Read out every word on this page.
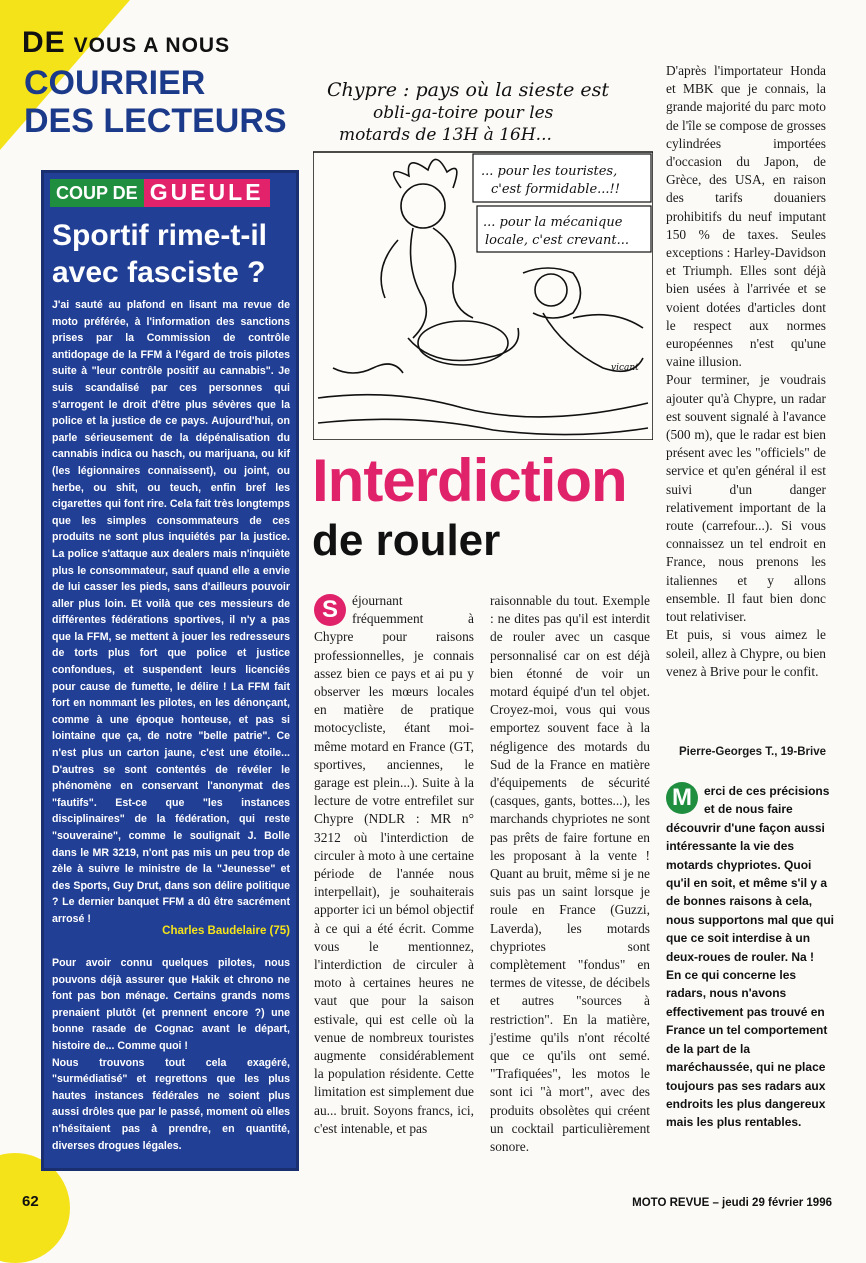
DE VOUS A NOUS
COURRIER
DES LECTEURS
COUP DE GUEULE
Sportif rime-t-il avec fasciste ?

J'ai sauté au plafond en lisant ma revue de moto préférée, à l'information des sanctions prises par la Commission de contrôle antidopage de la FFM à l'égard de trois pilotes suite à "leur contrôle positif au cannabis". Je suis scandalisé par ces personnes qui s'arrogent le droit d'être plus sévères que la police et la justice de ce pays. Aujourd'hui, on parle sérieusement de la dépénalisation du cannabis indica ou hasch, ou marijuana, ou kif (les légionnaires connaissent), ou joint, ou herbe, ou shit, ou teuch, enfin bref les cigarettes qui font rire. Cela fait très longtemps que les simples consommateurs de ces produits ne sont plus inquiétés par la justice. La police s'attaque aux dealers mais n'inquiète plus le consommateur, sauf quand elle a envie de lui casser les pieds, sans d'ailleurs pouvoir aller plus loin. Et voilà que ces messieurs de différentes fédérations sportives, il n'y a pas que la FFM, se mettent à jouer les redresseurs de torts plus fort que police et justice confondues, et suspendent leurs licenciés pour cause de fumette, le délire ! La FFM fait fort en nommant les pilotes, en les dénonçant, comme à une époque honteuse, et pas si lointaine que ça, de notre "belle patrie". Ce n'est plus un carton jaune, c'est une étoile... D'autres se sont contentés de révéler le phénomène en conservant l'anonymat des "fautifs". Est-ce que "les instances disciplinaires" de la fédération, qui reste "souveraine", comme le soulignait J. Bolle dans le MR 3219, n'ont pas mis un peu trop de zèle à suivre le ministre de la "Jeunesse" et des Sports, Guy Drut, dans son délire politique ? Le dernier banquet FFM a dû être sacrément arrosé !

Charles Baudelaire (75)

Pour avoir connu quelques pilotes, nous pouvons déjà assurer que Hakik et chrono ne font pas bon ménage. Certains grands noms prenaient plutôt (et prennent encore ?) une bonne rasade de Cognac avant le départ, histoire de... Comme quoi !

Nous trouvons tout cela exagéré, "surmédiatisé" et regrettons que les plus hautes instances fédérales ne soient plus aussi drôles que par le passé, moment où elles n'hésitaient pas à prendre, en quantité, diverses drogues légales.

Chypre : pays où la sieste est
obli-ga-toire pour les
motards de 13H à 16H...
... pour les touristes,
c'est formidable...!!
... pour la mécanique
locale, c'est crevant...
vicant
Interdiction
de rouler

S	éjournant fréquemment à Chypre pour raisons professionnelles, je connais assez bien ce pays et ai pu y observer les mœurs locales en matière de pratique motocycliste, étant moi-même motard en France (GT, sportives, anciennes, le garage est plein...). Suite à la lecture de votre entrefilet sur Chypre (NDLR : MR n° 3212 où l'interdiction de circuler à moto à une certaine période de l'année nous interpellait), je souhaiterais apporter ici un bémol objectif à ce qui a été écrit. Comme vous le mentionnez, l'interdiction de circuler à moto à certaines heures ne vaut que pour la saison estivale, qui est celle où la venue de nombreux touristes augmente considérablement la population résidente. Cette limitation est simplement due au... bruit. Soyons francs, ici, c'est intenable, et pas

raisonnable du tout. Exemple : ne dites pas qu'il est interdit de rouler avec un casque personnalisé car on est déjà bien étonné de voir un motard équipé d'un tel objet. Croyez-moi, vous qui vous emportez souvent face à la négligence des motards du Sud de la France en matière d'équipements de sécurité (casques, gants, bottes...), les marchands chypriotes ne sont pas prêts de faire fortune en les proposant à la vente ! Quant au bruit, même si je ne suis pas un saint lorsque je roule en France (Guzzi, Laverda), les motards chypriotes sont complètement "fondus" en termes de vitesse, de décibels et autres "sources à restriction". En la matière, j'estime qu'ils n'ont récolté que ce qu'ils ont semé. "Trafiquées", les motos le sont ici "à mort", avec des produits obsolètes qui créent un cocktail particulièrement sonore.

D'après l'importateur Honda et MBK que je connais, la grande majorité du parc moto de l'île se compose de grosses cylindrées importées d'occasion du Japon, de Grèce, des USA, en raison des tarifs douaniers prohibitifs du neuf imputant 150 % de taxes. Seules exceptions : Harley-Davidson et Triumph. Elles sont déjà bien usées à l'arrivée et se voient dotées d'articles dont le respect aux normes européennes n'est qu'une vaine illusion.

Pour terminer, je voudrais ajouter qu'à Chypre, un radar est souvent signalé à l'avance (500 m), que le radar est bien présent avec les "officiels" de service et qu'en général il est suivi d'un danger relativement important de la route (carrefour...). Si vous connaissez un tel endroit en France, nous prenons les italiennes et y allons ensemble. Il faut bien donc tout relativiser.

Et puis, si vous aimez le soleil, allez à Chypre, ou bien venez à Brive pour le confit.

Pierre-Georges T., 19-Brive

M	erci de ces précisions et de nous faire découvrir d'une façon aussi intéressante la vie des motards chypriotes. Quoi qu'il en soit, et même s'il y a de bonnes raisons à cela, nous supportons mal que qui que ce soit interdise à un deux-roues de rouler. Na !

En ce qui concerne les radars, nous n'avons effectivement pas trouvé en France un tel comportement de la part de la maréchaussée, qui ne place toujours pas ses radars aux endroits les plus dangereux mais les plus rentables.

62	MOTO REVUE – jeudi 29 février 1996
